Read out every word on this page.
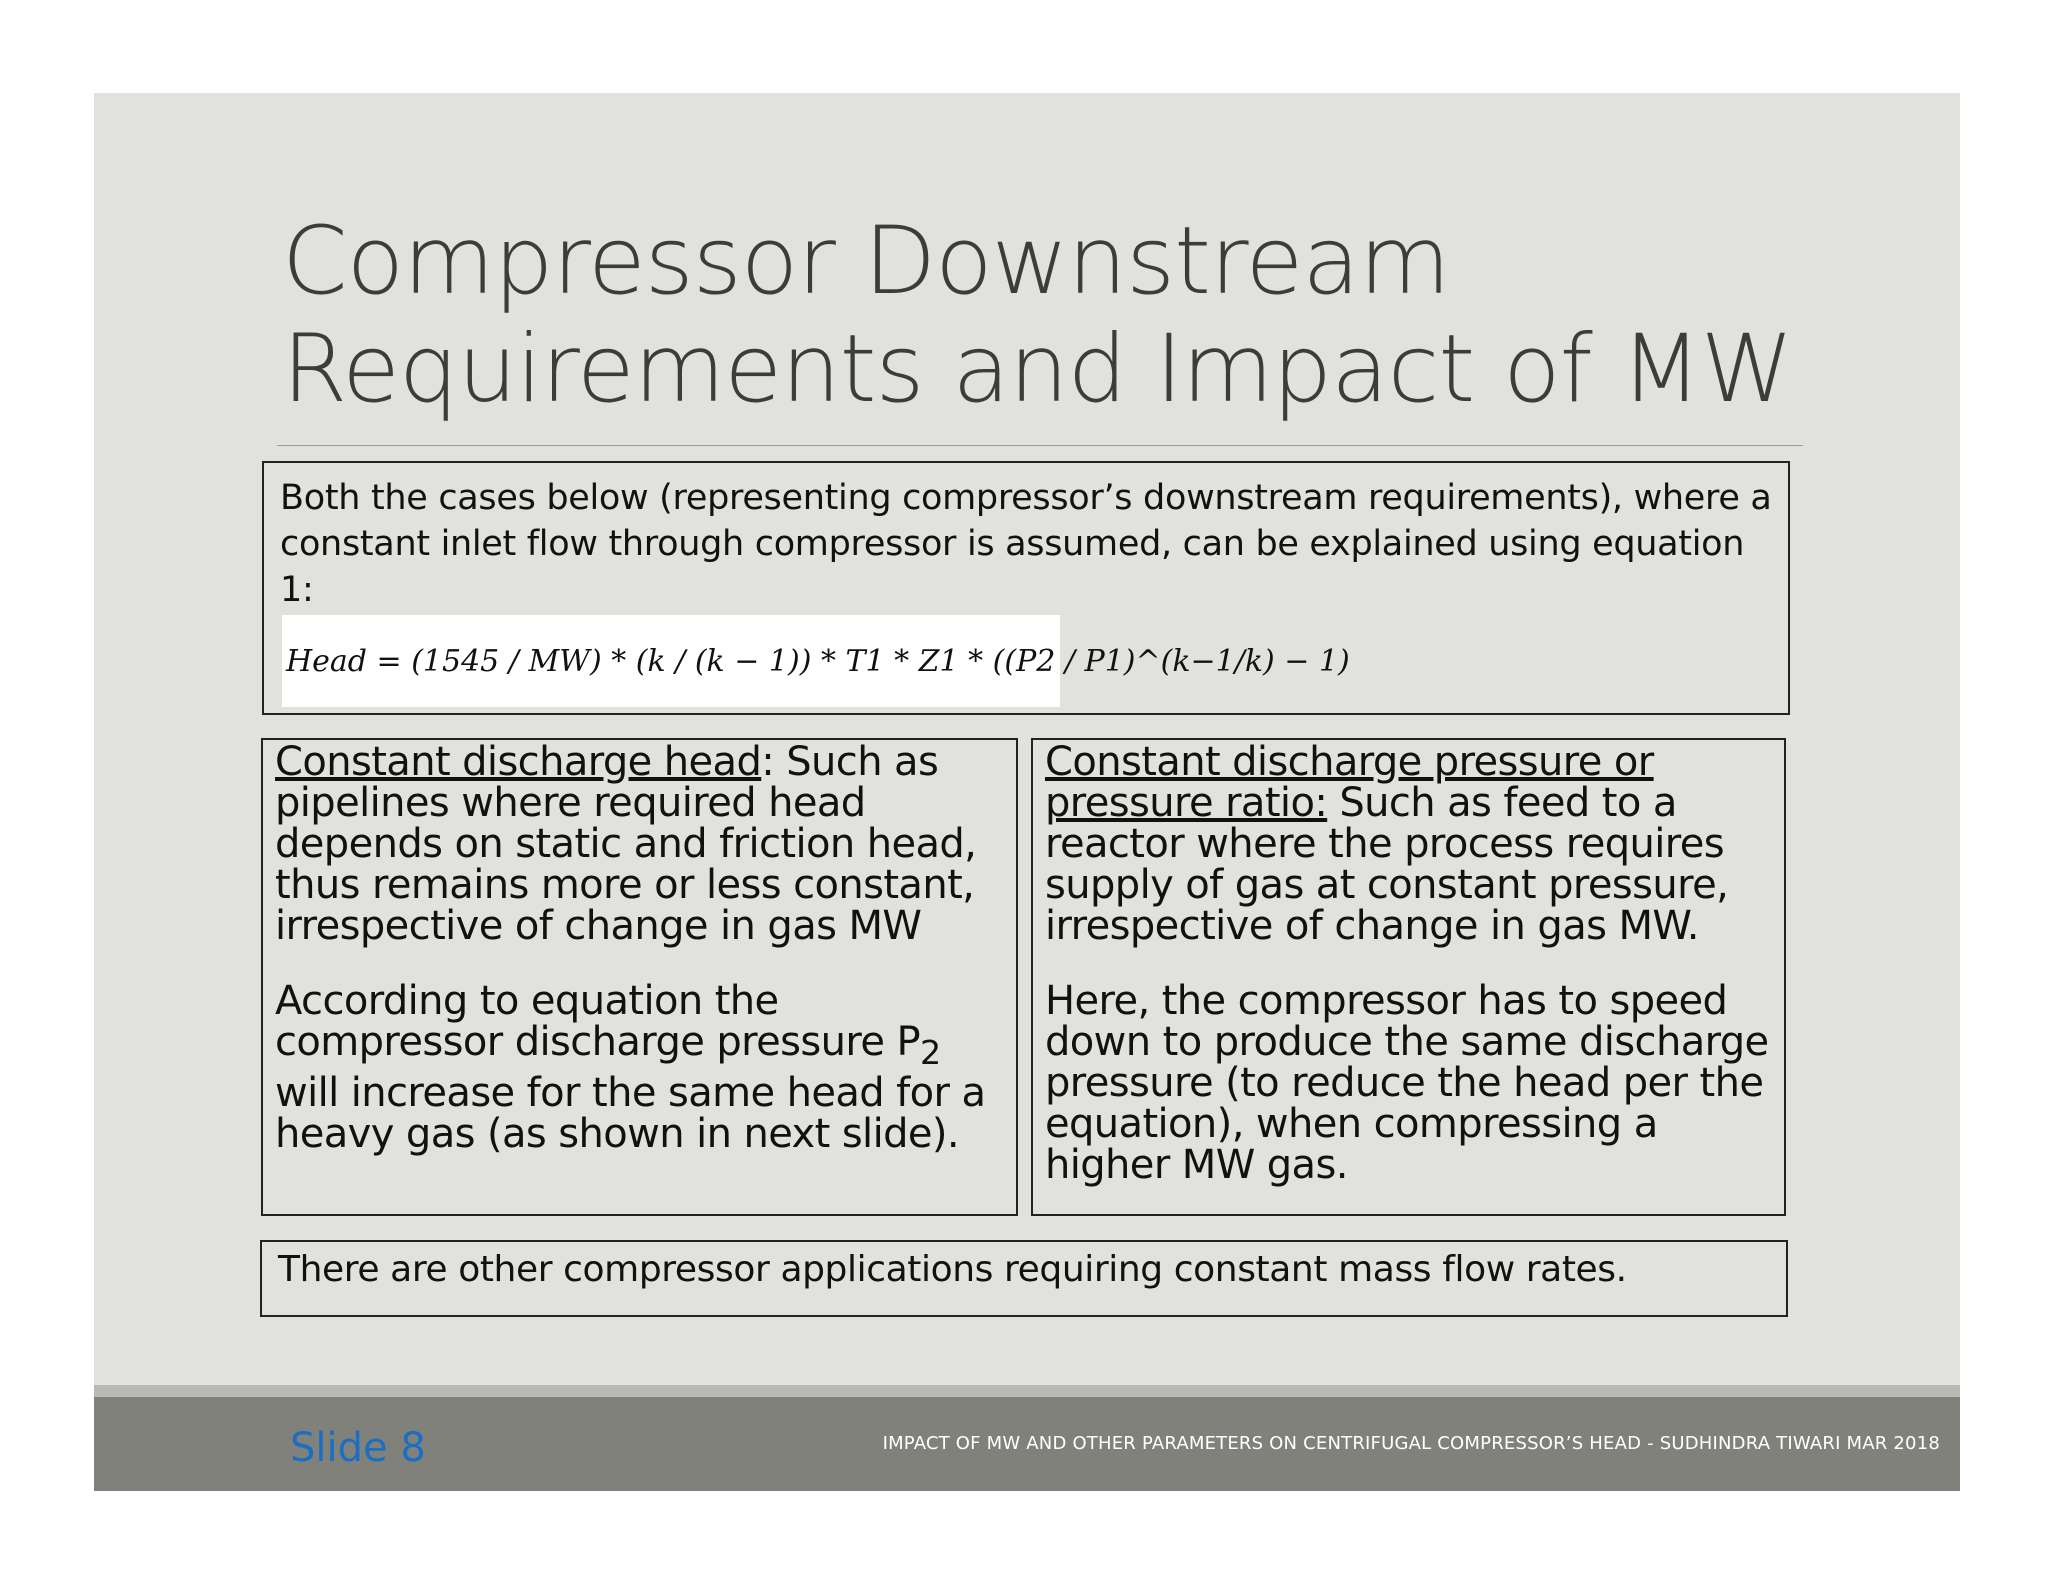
Compressor Downstream
Requirements and Impact of MW

Both the cases below (representing compressor’s downstream requirements), where a constant inlet flow through compressor is assumed, can be explained using equation 1:

Head = (1545 / MW) * (k / (k − 1)) * T1 * Z1 * ((P2 / P1)^(k−1/k) − 1)

Constant discharge head: Such as pipelines where required head depends on static and friction head, thus remains more or less constant, irrespective of change in gas MW

According to equation the compressor discharge pressure $P_2$ will increase for the same head for a heavy gas (as shown in next slide).

Constant discharge pressure or pressure ratio: Such as feed to a reactor where the process requires supply of gas at constant pressure, irrespective of change in gas MW.

Here, the compressor has to speed down to produce the same discharge pressure (to reduce the head per the equation), when compressing a higher MW gas.

There are other compressor applications requiring constant mass flow rates.

Slide 8	IMPACT OF MW AND OTHER PARAMETERS ON CENTRIFUGAL COMPRESSOR’S HEAD - SUDHINDRA TIWARI MAR 2018
